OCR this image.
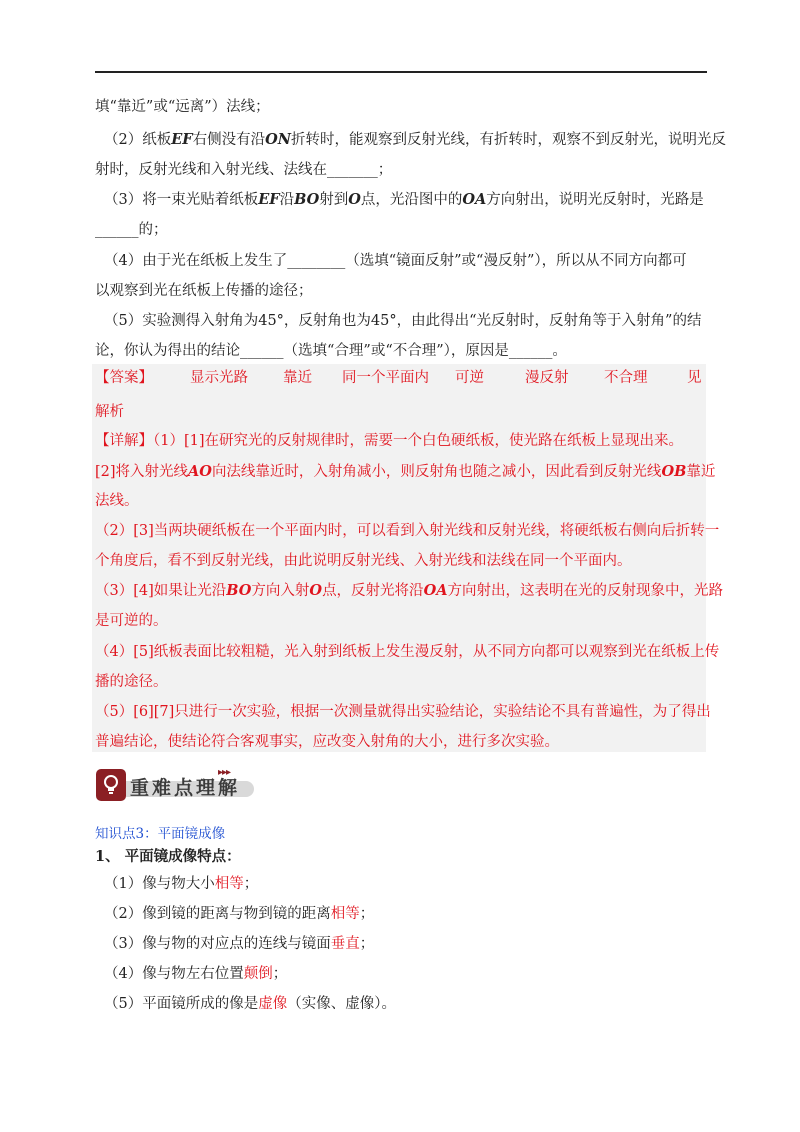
填“靠近”或“远离”）法线；
（2）纸板EF右侧没有沿ON折转时，能观察到反射光线，有折转时，观察不到反射光，说明光反
射时，反射光线和入射光线、法线在_______；
（3）将一束光贴着纸板EF沿BO射到O点，光沿图中的OA方向射出，说明光反射时，光路是
______的；
（4）由于光在纸板上发生了________（选填“镜面反射”或“漫反射”），所以从不同方向都可
以观察到光在纸板上传播的途径；
（5）实验测得入射角为45°，反射角也为45°，由此得出“光反射时，反射角等于入射角”的结
论，你认为得出的结论______（选填“合理”或“不合理”），原因是______。
【答案】	显示光路 靠近 同一个平面内 可逆	漫反射 不合理	见
解析
【详解】（1）[1]在研究光的反射规律时，需要一个白色硬纸板，使光路在纸板上显现出来。
[2]将入射光线AO向法线靠近时，入射角减小，则反射角也随之减小，因此看到反射光线OB靠近
法线。
（2）[3]当两块硬纸板在一个平面内时，可以看到入射光线和反射光线，将硬纸板右侧向后折转一
个角度后，看不到反射光线，由此说明反射光线、入射光线和法线在同一个平面内。
（3）[4]如果让光沿BO方向入射O点，反射光将沿OA方向射出，这表明在光的反射现象中，光路
是可逆的。
（4）[5]纸板表面比较粗糙，光入射到纸板上发生漫反射，从不同方向都可以观察到光在纸板上传
播的途径。
（5）[6][7]只进行一次实验，根据一次测量就得出实验结论，实验结论不具有普遍性，为了得出
普遍结论，使结论符合客观事实，应改变入射角的大小，进行多次实验。
重难点理解
▸▸▸
知识点3：平面镜成像
1、 平面镜成像特点：
（1）像与物大小相等；
（2）像到镜的距离与物到镜的距离相等；
（3）像与物的对应点的连线与镜面垂直；
（4）像与物左右位置颠倒；
（5）平面镜所成的像是虚像（实像、虚像）。
